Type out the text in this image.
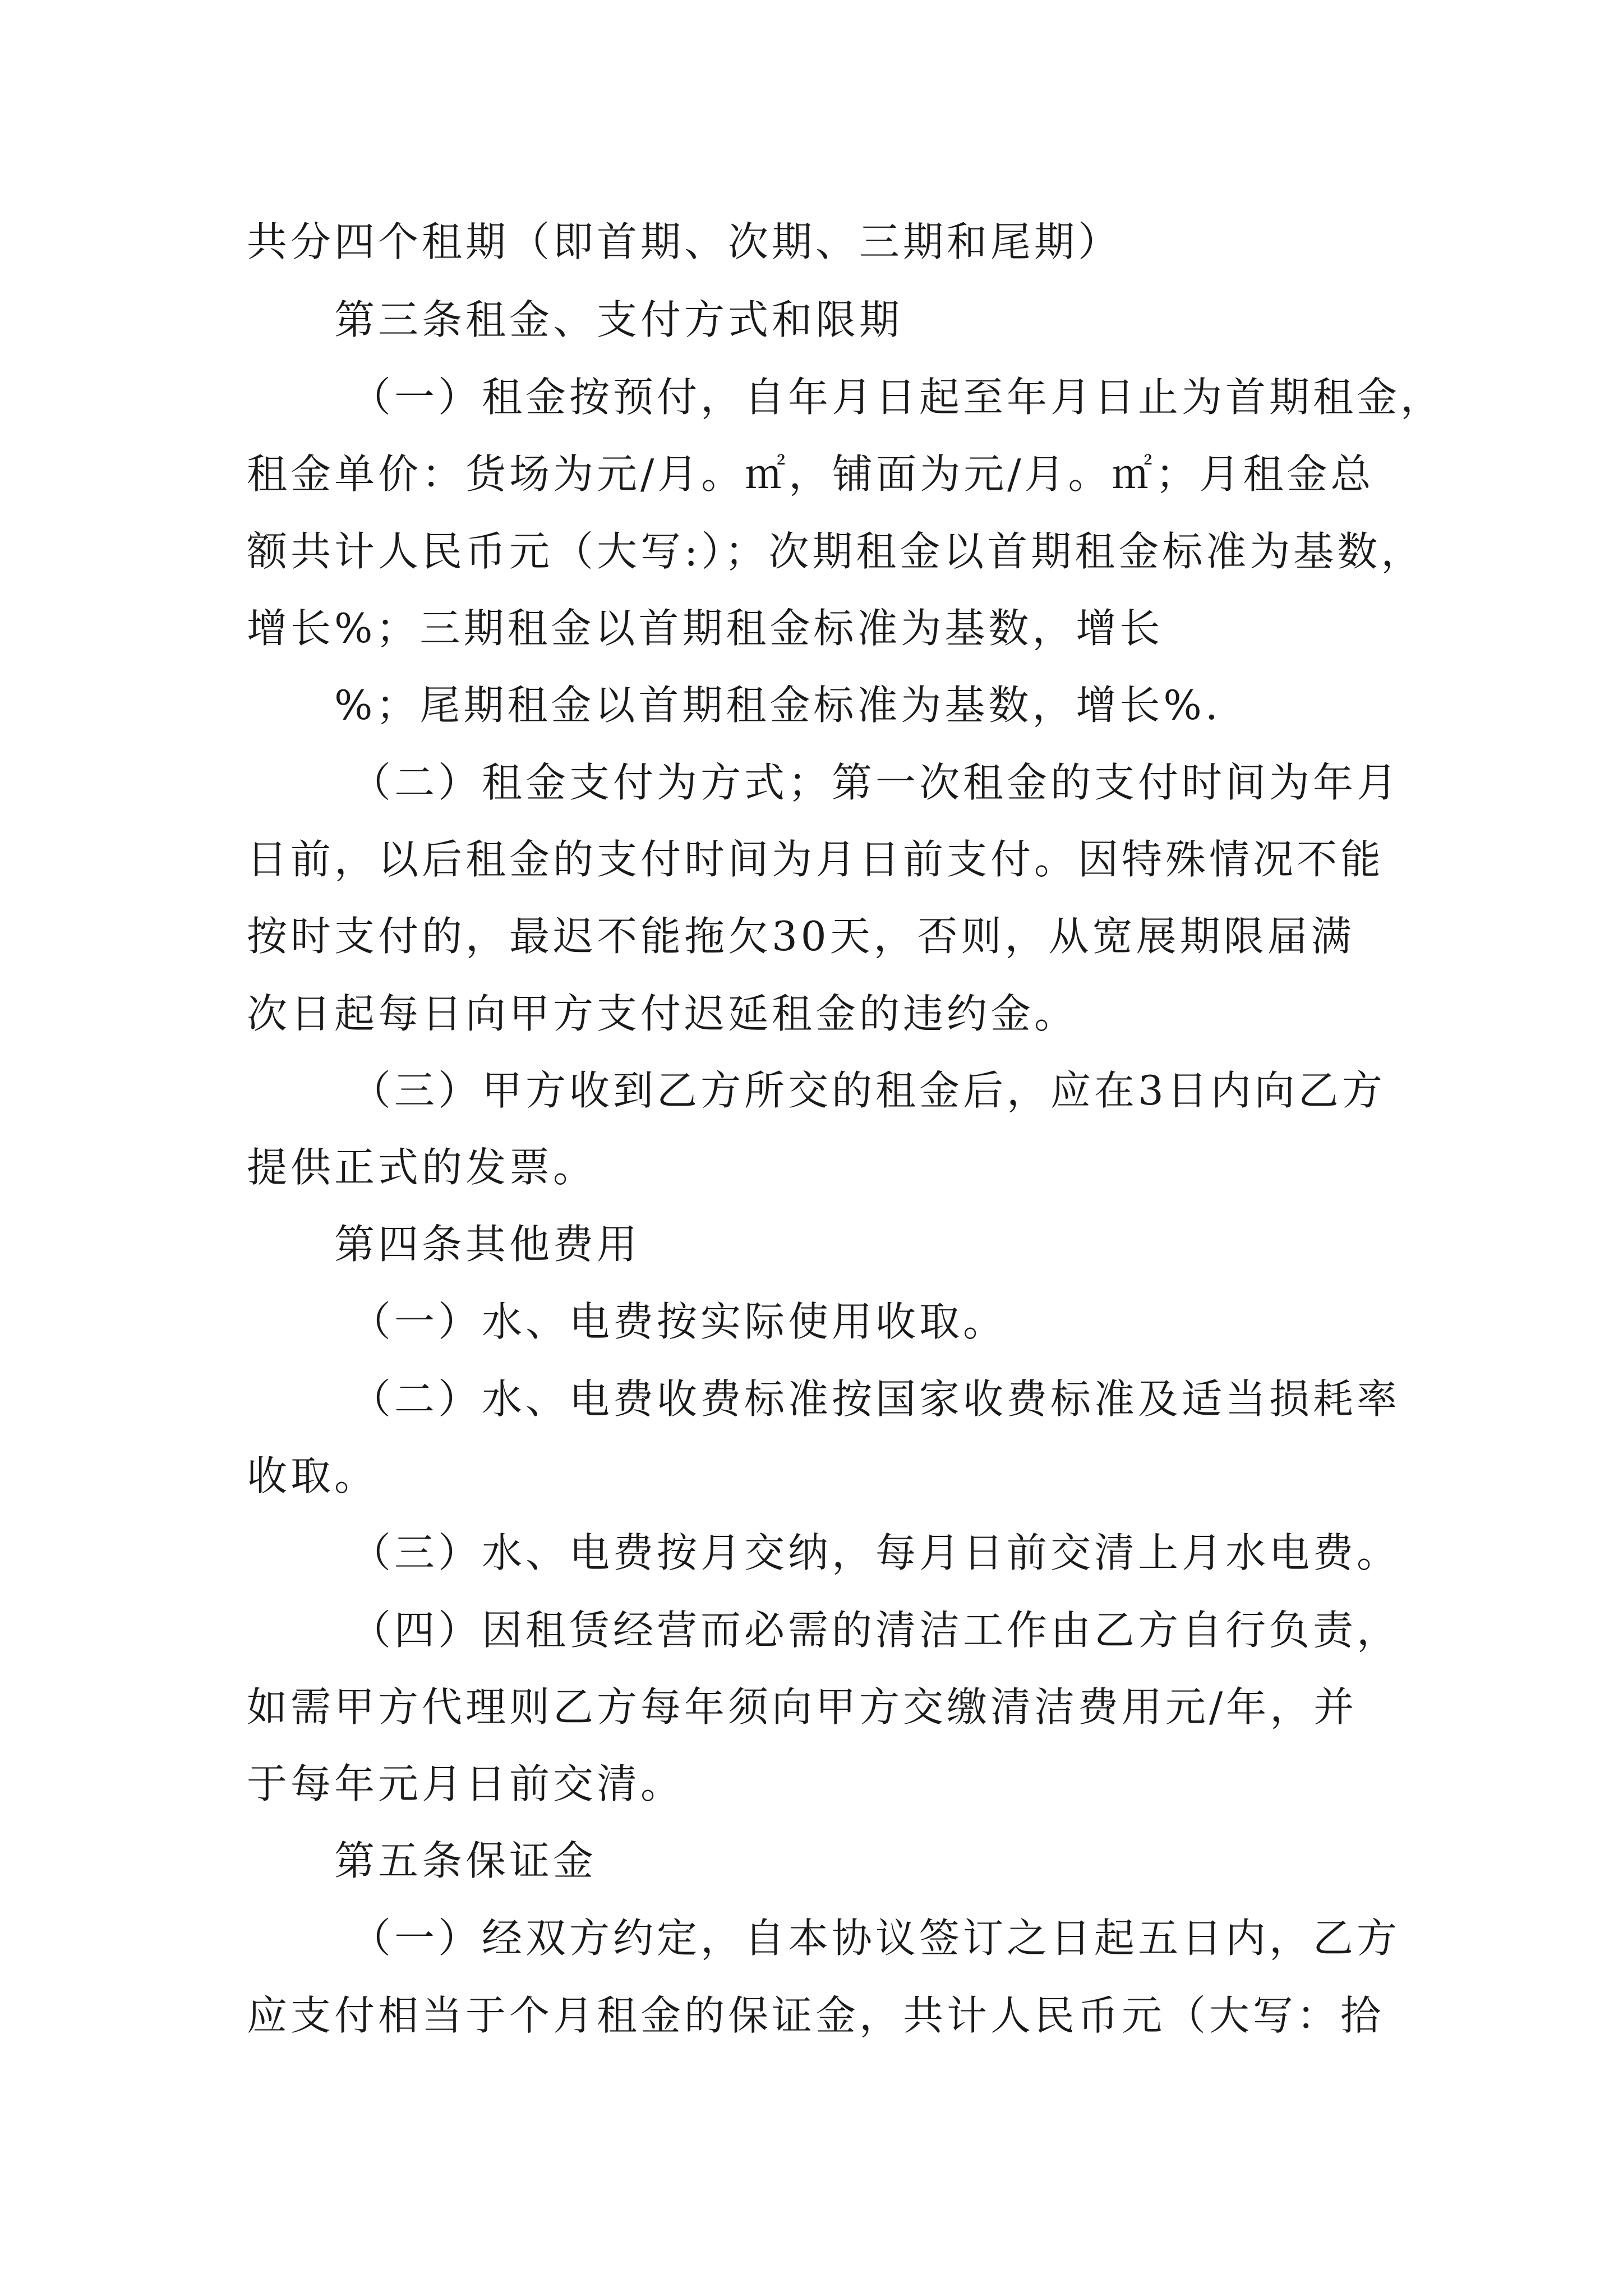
共分四个租期（即首期、次期、三期和尾期）
第三条租金、支付方式和限期
（一）租金按预付，自年月日起至年月日止为首期租金，
租金单价：货场为元/月。㎡，铺面为元/月。㎡；月租金总
额共计人民币元（大写:）；次期租金以首期租金标准为基数，
增长%；三期租金以首期租金标准为基数，增长
%；尾期租金以首期租金标准为基数，增长%.
（二）租金支付为方式；第一次租金的支付时间为年月
日前，以后租金的支付时间为月日前支付。因特殊情况不能
按时支付的，最迟不能拖欠30天，否则，从宽展期限届满
次日起每日向甲方支付迟延租金的违约金。
（三）甲方收到乙方所交的租金后，应在3日内向乙方
提供正式的发票。
第四条其他费用
（一）水、电费按实际使用收取。
（二）水、电费收费标准按国家收费标准及适当损耗率
收取。
（三）水、电费按月交纳，每月日前交清上月水电费。
（四）因租赁经营而必需的清洁工作由乙方自行负责，
如需甲方代理则乙方每年须向甲方交缴清洁费用元/年，并
于每年元月日前交清。
第五条保证金
（一）经双方约定，自本协议签订之日起五日内，乙方
应支付相当于个月租金的保证金，共计人民币元（大写：拾
